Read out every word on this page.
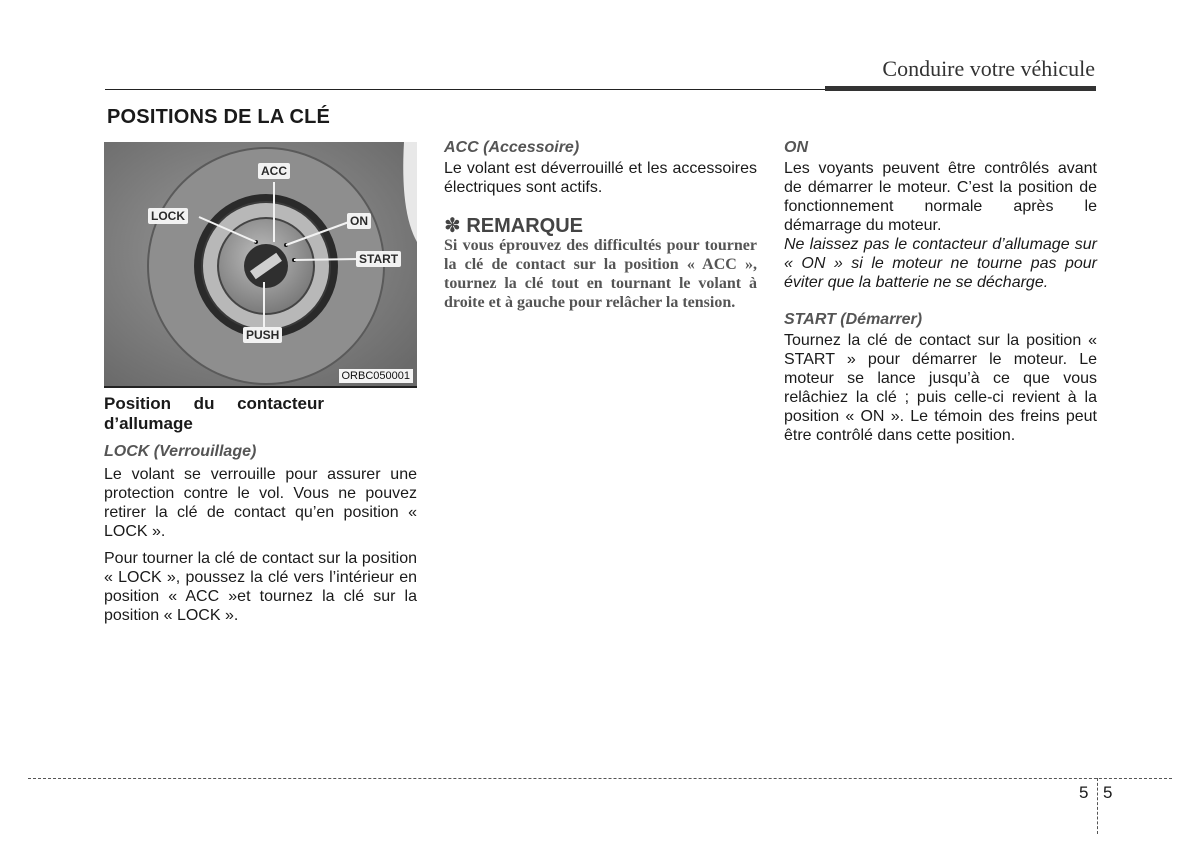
Conduire votre véhicule
POSITIONS DE LA CLÉ
ACC
LOCK	ON
START
PUSH
ORBC050001

Position du contacteur d’allumage

LOCK (Verrouillage)

Le volant se verrouille pour assurer une protection contre le vol. Vous ne pouvez retirer la clé de contact qu’en position « LOCK ».

Pour tourner la clé de contact sur la position « LOCK », poussez la clé vers l’intérieur en position « ACC »et tournez la clé sur la position « LOCK ».

ACC (Accessoire)

Le volant est déverrouillé et les accessoires électriques sont actifs.

✽ REMARQUE

Si vous éprouvez des difficultés pour tourner la clé de contact sur la position « ACC », tournez la clé tout en tournant le volant à droite et à gauche pour relâcher la tension.

ON

Les voyants peuvent être contrôlés avant de démarrer le moteur. C’est la position de fonctionnement normale après le démarrage du moteur.

Ne laissez pas le contacteur d’allumage sur « ON » si le moteur ne tourne pas pour éviter que la batterie ne se décharge.

START (Démarrer)

Tournez la clé de contact sur la position « START » pour démarrer le moteur. Le moteur se lance jusqu’à ce que vous relâchiez la clé ; puis celle-ci revient à la position « ON ». Le témoin des freins peut être contrôlé dans cette position.

5 5
